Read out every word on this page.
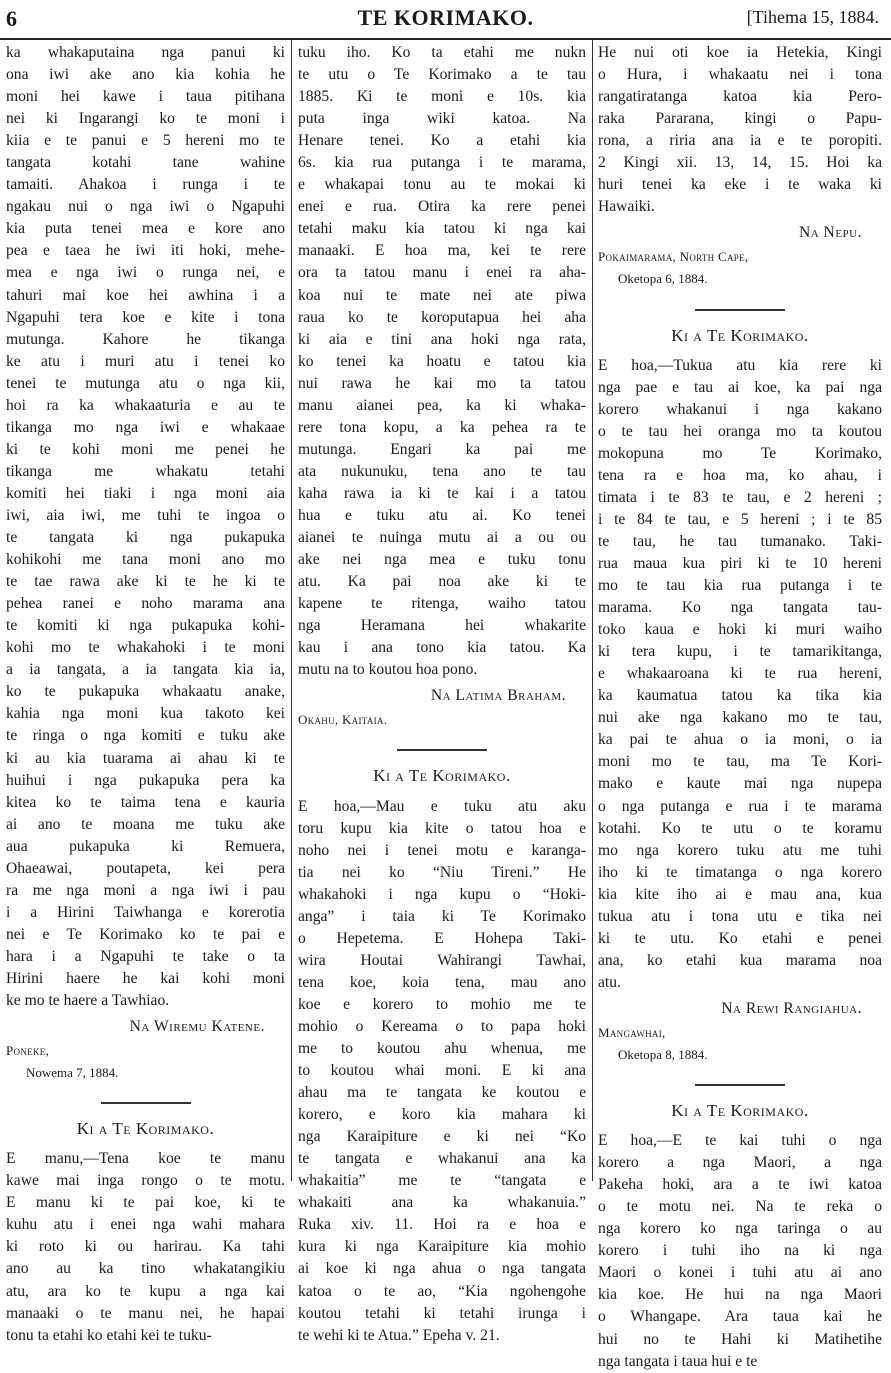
6	TE KORIMAKO.	[Tihema 15, 1884.
ka whakaputaina nga panui ki
ona iwi ake ano kia kohia he
moni hei kawe i taua pitihana
nei ki Ingarangi ko te moni i
kiia e te panui e 5 hereni mo te
tangata kotahi tane wahine
tamaiti. Ahakoa i runga i te
ngakau nui o nga iwi o Ngapuhi
kia puta tenei mea e kore ano
pea e taea he iwi iti hoki, mehe-
mea e nga iwi o runga nei, e
tahuri mai koe hei awhina i a
Ngapuhi tera koe e kite i tona
mutunga. Kahore he tikanga
ke atu i muri atu i tenei ko
tenei te mutunga atu o nga kii,
hoi ra ka whakaaturia e au te
tikanga mo nga iwi e whakaae
ki te kohi moni me penei he
tikanga me whakatu tetahi
komiti hei tiaki i nga moni aia
iwi, aia iwi, me tuhi te ingoa o
te tangata ki nga pukapuka
kohikohi me tana moni ano mo
te tae rawa ake ki te he ki te
pehea ranei e noho marama ana
te komiti ki nga pukapuka kohi-
kohi mo te whakahoki i te moni
a ia tangata, a ia tangata kia ia,
ko te pukapuka whakaatu anake,
kahia nga moni kua takoto kei
te ringa o nga komiti e tuku ake
ki au kia tuarama ai ahau ki te
huihui i nga pukapuka pera ka
kitea ko te taima tena e kauria
ai ano te moana me tuku ake
aua pukapuka ki Remuera,
Ohaeawai, poutapeta, kei pera
ra me nga moni a nga iwi i pau
i a Hirini Taiwhanga e korerotia
nei e Te Korimako ko te pai e
hara i a Ngapuhi te take o ta
Hirini haere he kai kohi moni
ke mo te haere a Tawhiao.
Na Wiremu Katene.
Poneke,
Nowema 7, 1884.
Ki a Te Korimako.
E manu,—Tena koe te manu
kawe mai inga rongo o te motu.
E manu ki te pai koe, ki te
kuhu atu i enei nga wahi mahara
ki roto ki ou harirau. Ka tahi
ano au ka tino whakatangikiu
atu, ara ko te kupu a nga kai
manaaki o te manu nei, he hapai
tonu ta etahi ko etahi kei te tuku-
tuku iho. Ko ta etahi me nukn
te utu o Te Korimako a te tau
1885. Ki te moni e 10s. kia
puta inga wiki katoa. Na
Henare tenei. Ko a etahi kia
6s. kia rua putanga i te marama,
e whakapai tonu au te mokai ki
enei e rua. Otira ka rere penei
tetahi maku kia tatou ki nga kai
manaaki. E hoa ma, kei te rere
ora ta tatou manu i enei ra aha-
koa nui te mate nei ate piwa
raua ko te koroputapua hei aha
ki aia e tini ana hoki nga rata,
ko tenei ka hoatu e tatou kia
nui rawa he kai mo ta tatou
manu aianei pea, ka ki whaka-
rere tona kopu, a ka pehea ra te
mutunga. Engari ka pai me
ata nukunuku, tena ano te tau
kaha rawa ia ki te kai i a tatou
hua e tuku atu ai. Ko tenei
aianei te nuinga mutu ai a ou ou
ake nei nga mea e tuku tonu
atu. Ka pai noa ake ki te
kapene te ritenga, waiho tatou
nga Heramana hei whakarite
kau i ana tono kia tatou. Ka
mutu na to koutou hoa pono.
Na Latima Braham.
Okahu, Kaitaia.
Ki a Te Korimako.
E hoa,—Mau e tuku atu aku
toru kupu kia kite o tatou hoa e
noho nei i tenei motu e karanga-
tia nei ko “Niu Tireni.” He
whakahoki i nga kupu o “Hoki-
anga” i taia ki Te Korimako
o Hepetema. E Hohepa Taki-
wira Houtai Wahirangi Tawhai,
tena koe, koia tena, mau ano
koe e korero to mohio me te
mohio o Kereama o to papa hoki
me to koutou ahu whenua, me
to koutou whai moni. E ki ana
ahau ma te tangata ke koutou e
korero, e koro kia mahara ki
nga Karaipiture e ki nei “Ko
te tangata e whakanui ana ka
whakaitia” me te “tangata e
whakaiti ana ka whakanuia.”
Ruka xiv. 11. Hoi ra e hoa e
kura ki nga Karaipiture kia mohio
ai koe ki nga ahua o nga tangata
katoa o te ao, “Kia ngohengohe
koutou tetahi ki tetahi irunga i
te wehi ki te Atua.” Epeha v. 21.
He nui oti koe ia Hetekia, Kingi
o Hura, i whakaatu nei i tona
rangatiratanga katoa kia Pero-
raka Pararana, kingi o Papu-
rona, a riria ana ia e te poropiti.
2 Kingi xii. 13, 14, 15. Hoi ka
huri tenei ka eke i te waka ki
Hawaiki.
Na Nepu.
Pokaimarama, North Cape,
Oketopa 6, 1884.
Ki a Te Korimako.
E hoa,—Tukua atu kia rere ki
nga pae e tau ai koe, ka pai nga
korero whakanui i nga kakano
o te tau hei oranga mo ta koutou
mokopuna mo Te Korimako,
tena ra e hoa ma, ko ahau, i
timata i te 83 te tau, e 2 hereni ;
i te 84 te tau, e 5 hereni ; i te 85
te tau, he tau tumanako. Taki-
rua maua kua piri ki te 10 hereni
mo te tau kia rua putanga i te
marama. Ko nga tangata tau-
toko kaua e hoki ki muri waiho
ki tera kupu, i te tamarikitanga,
e whakaaroana ki te rua hereni,
ka kaumatua tatou ka tika kia
nui ake nga kakano mo te tau,
ka pai te ahua o ia moni, o ia
moni mo te tau, ma Te Kori-
mako e kaute mai nga nupepa
o nga putanga e rua i te marama
kotahi. Ko te utu o te koramu
mo nga korero tuku atu me tuhi
iho ki te timatanga o nga korero
kia kite iho ai e mau ana, kua
tukua atu i tona utu e tika nei
ki te utu. Ko etahi e penei
ana, ko etahi kua marama noa
atu.
Na Rewi Rangiahua.
Mangawhai,
Oketopa 8, 1884.
Ki a Te Korimako.
E hoa,—E te kai tuhi o nga
korero a nga Maori, a nga
Pakeha hoki, ara a te iwi katoa
o te motu nei. Na te reka o
nga korero ko nga taringa o au
korero i tuhi iho na ki nga
Maori o konei i tuhi atu ai ano
kia koe. He hui na nga Maori
o Whangape. Ara taua kai he
hui no te Hahi ki Matihetihe
nga tangata i taua hui e te
